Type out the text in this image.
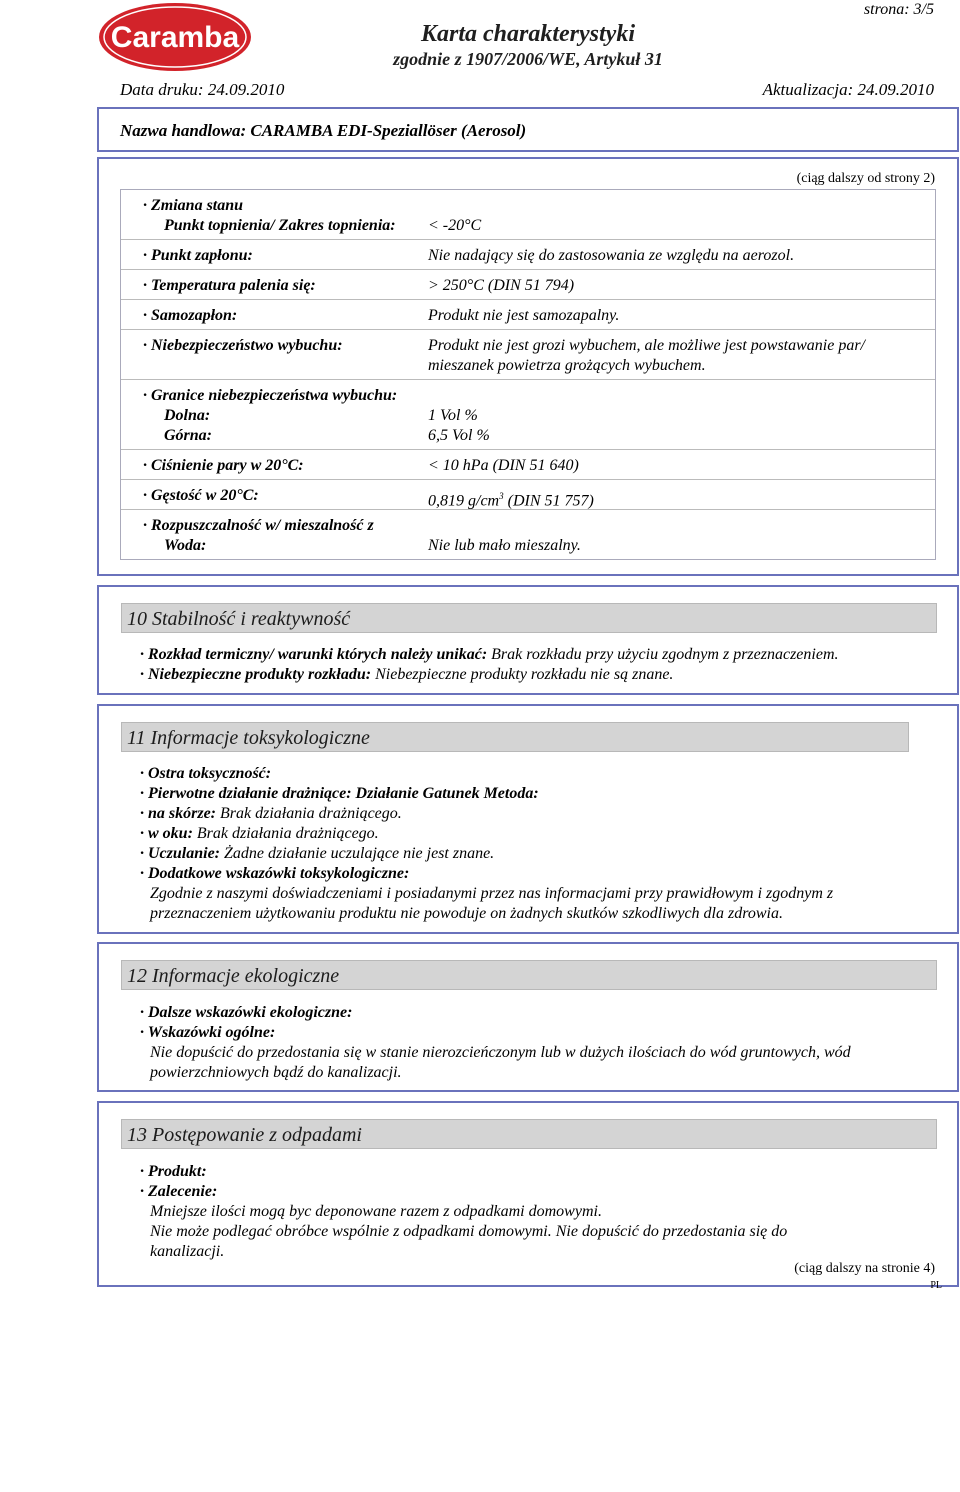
Caramba	Karta charakterystyki
zgodnie z 1907/2006/WE, Artykuł 31
strona: 3/5
Data druku: 24.09.2010	Aktualizacja: 24.09.2010
Nazwa handlowa: CARAMBA EDI-Speziallöser (Aerosol)
(ciąg dalszy od strony 2)
· Zmiana stanu
Punkt topnienia/ Zakres topnienia: < -20°C
· Punkt zapłonu:	Nie nadający się do zastosowania ze względu na aerozol.
· Temperatura palenia się:	> 250°C (DIN 51 794)
· Samozapłon:	Produkt nie jest samozapalny.
· Niebezpieczeństwo wybuchu:	Produkt nie jest grozi wybuchem, ale możliwe jest powstawanie par/
mieszanek powietrza grożących wybuchem.
· Granice niebezpieczeństwa wybuchu:
Dolna:	1 Vol %
Górna:	6,5 Vol %
· Ciśnienie pary w 20°C:	< 10 hPa (DIN 51 640)
· Gęstość w 20°C:	0,819 $g/cm^3$ (DIN 51 757)
· Rozpuszczalność w/ mieszalność z
Woda:	Nie lub mało mieszalny.
10 Stabilność i reaktywność
· Rozkład termiczny/ warunki których należy unikać: Brak rozkładu przy użyciu zgodnym z przeznaczeniem.
· Niebezpieczne produkty rozkładu: Niebezpieczne produkty rozkładu nie są znane.
11 Informacje toksykologiczne
· Ostra toksyczność:
· Pierwotne działanie drażniące: Działanie Gatunek Metoda:
· na skórze: Brak działania drażniącego.
· w oku: Brak działania drażniącego.
· Uczulanie: Żadne działanie uczulające nie jest znane.
· Dodatkowe wskazówki toksykologiczne:
Zgodnie z naszymi doświadczeniami i posiadanymi przez nas informacjami przy prawidłowym i zgodnym z
przeznaczeniem użytkowaniu produktu nie powoduje on żadnych skutków szkodliwych dla zdrowia.
12 Informacje ekologiczne
· Dalsze wskazówki ekologiczne:
· Wskazówki ogólne:
Nie dopuścić do przedostania się w stanie nierozcieńczonym lub w dużych ilościach do wód gruntowych, wód
powierzchniowych bądź do kanalizacji.
13 Postępowanie z odpadami
· Produkt:
· Zalecenie:
Mniejsze ilości mogą byc deponowane razem z odpadkami domowymi.
Nie może podlegać obróbce wspólnie z odpadkami domowymi. Nie dopuścić do przedostania się do
kanalizacji.
(ciąg dalszy na stronie 4)
PL
